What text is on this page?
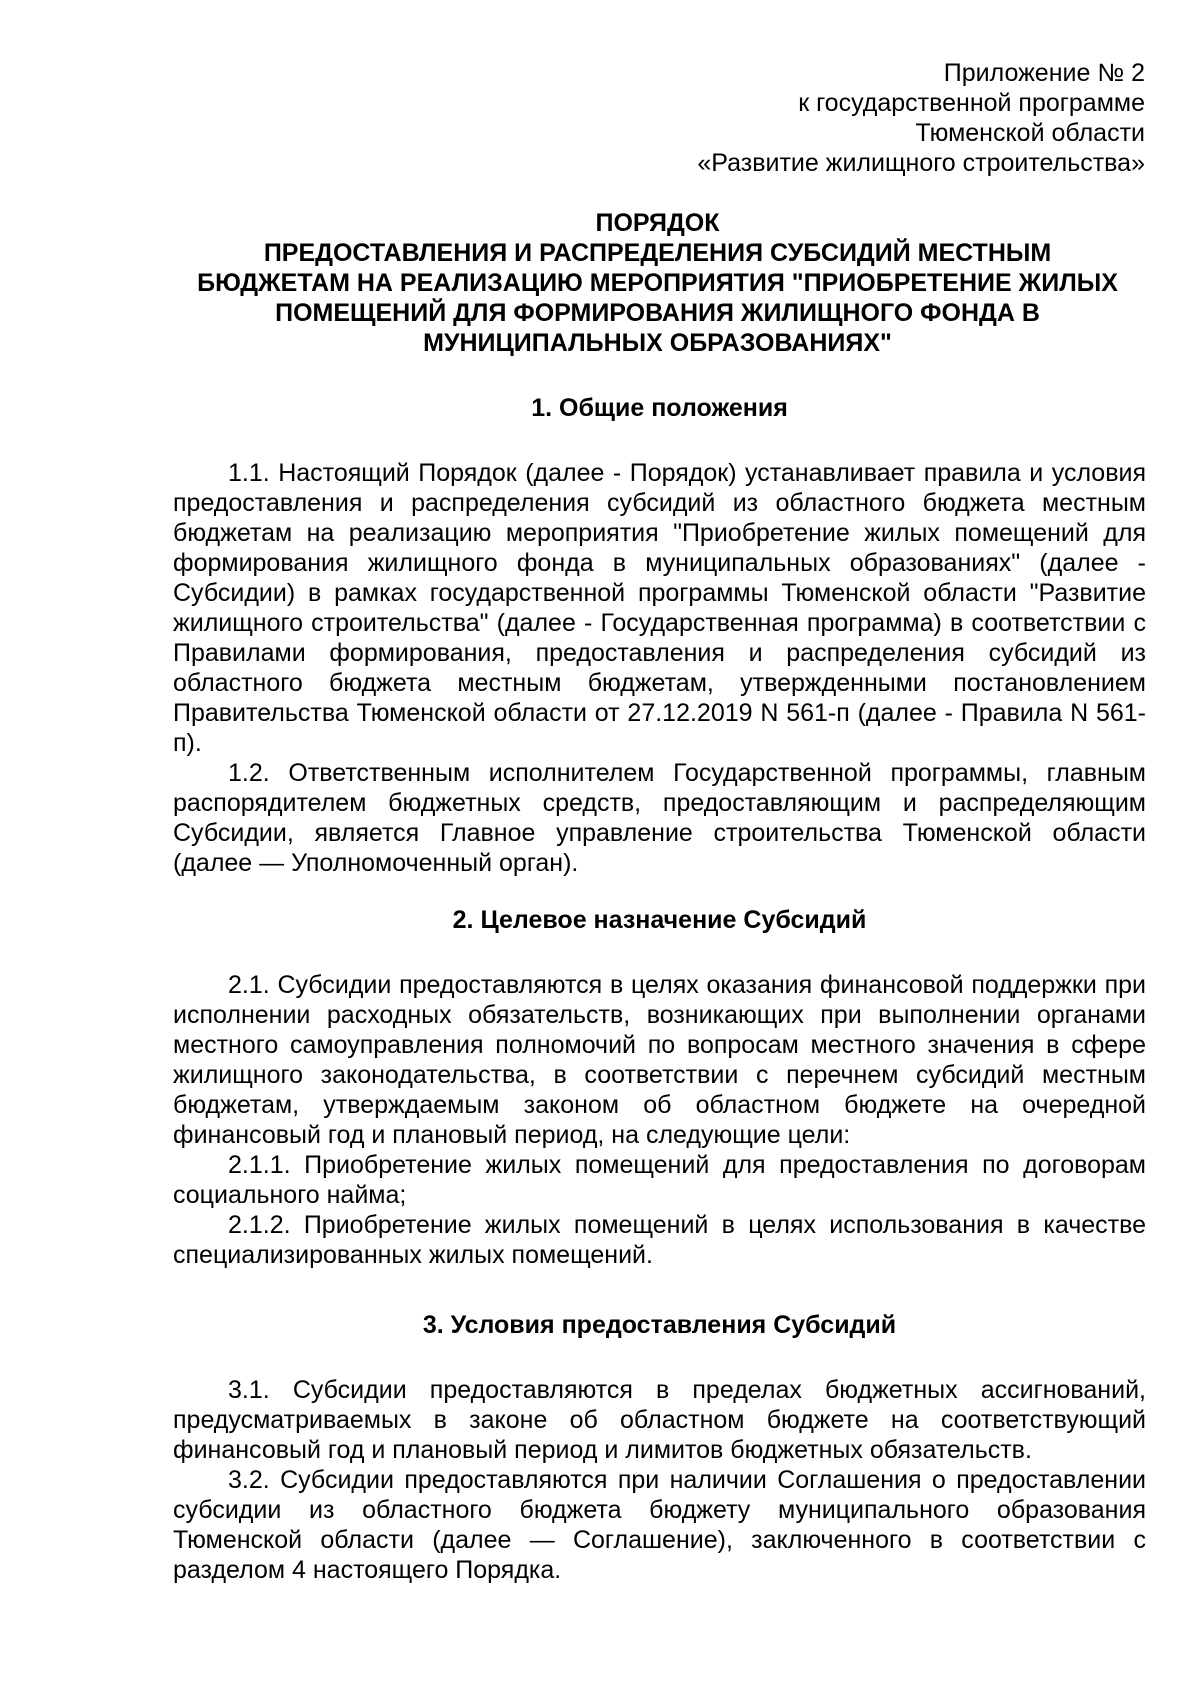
Приложение № 2
к государственной программе
Тюменской области
«Развитие жилищного строительства»
ПОРЯДОК
ПРЕДОСТАВЛЕНИЯ И РАСПРЕДЕЛЕНИЯ СУБСИДИЙ МЕСТНЫМ
БЮДЖЕТАМ НА РЕАЛИЗАЦИЮ МЕРОПРИЯТИЯ "ПРИОБРЕТЕНИЕ ЖИЛЫХ
ПОМЕЩЕНИЙ ДЛЯ ФОРМИРОВАНИЯ ЖИЛИЩНОГО ФОНДА В
МУНИЦИПАЛЬНЫХ ОБРАЗОВАНИЯХ"

1. Общие положения

1.1. Настоящий Порядок (далее - Порядок) устанавливает правила и условия предоставления и распределения субсидий из областного бюджета местным бюджетам на реализацию мероприятия "Приобретение жилых помещений для формирования жилищного фонда в муниципальных образованиях" (далее - Субсидии) в рамках государственной программы Тюменской области "Развитие жилищного строительства" (далее - Государственная программа) в соответствии с Правилами формирования, предоставления и распределения субсидий из областного бюджета местным бюджетам, утвержденными постановлением Правительства Тюменской области от 27.12.2019 N 561-п (далее - Правила N 561-п).

1.2. Ответственным исполнителем Государственной программы, главным распорядителем бюджетных средств, предоставляющим и распределяющим Субсидии, является Главное управление строительства Тюменской области (далее — Уполномоченный орган).

2. Целевое назначение Субсидий

2.1. Субсидии предоставляются в целях оказания финансовой поддержки при исполнении расходных обязательств, возникающих при выполнении органами местного самоуправления полномочий по вопросам местного значения в сфере жилищного законодательства, в соответствии с перечнем субсидий местным бюджетам, утверждаемым законом об областном бюджете на очередной финансовый год и плановый период, на следующие цели:

2.1.1. Приобретение жилых помещений для предоставления по договорам социального найма;

2.1.2. Приобретение жилых помещений в целях использования в качестве специализированных жилых помещений.

3. Условия предоставления Субсидий

3.1. Субсидии предоставляются в пределах бюджетных ассигнований, предусматриваемых в законе об областном бюджете на соответствующий финансовый год и плановый период и лимитов бюджетных обязательств.

3.2. Субсидии предоставляются при наличии Соглашения о предоставлении субсидии из областного бюджета бюджету муниципального образования Тюменской области (далее — Соглашение), заключенного в соответствии с разделом 4 настоящего Порядка.
